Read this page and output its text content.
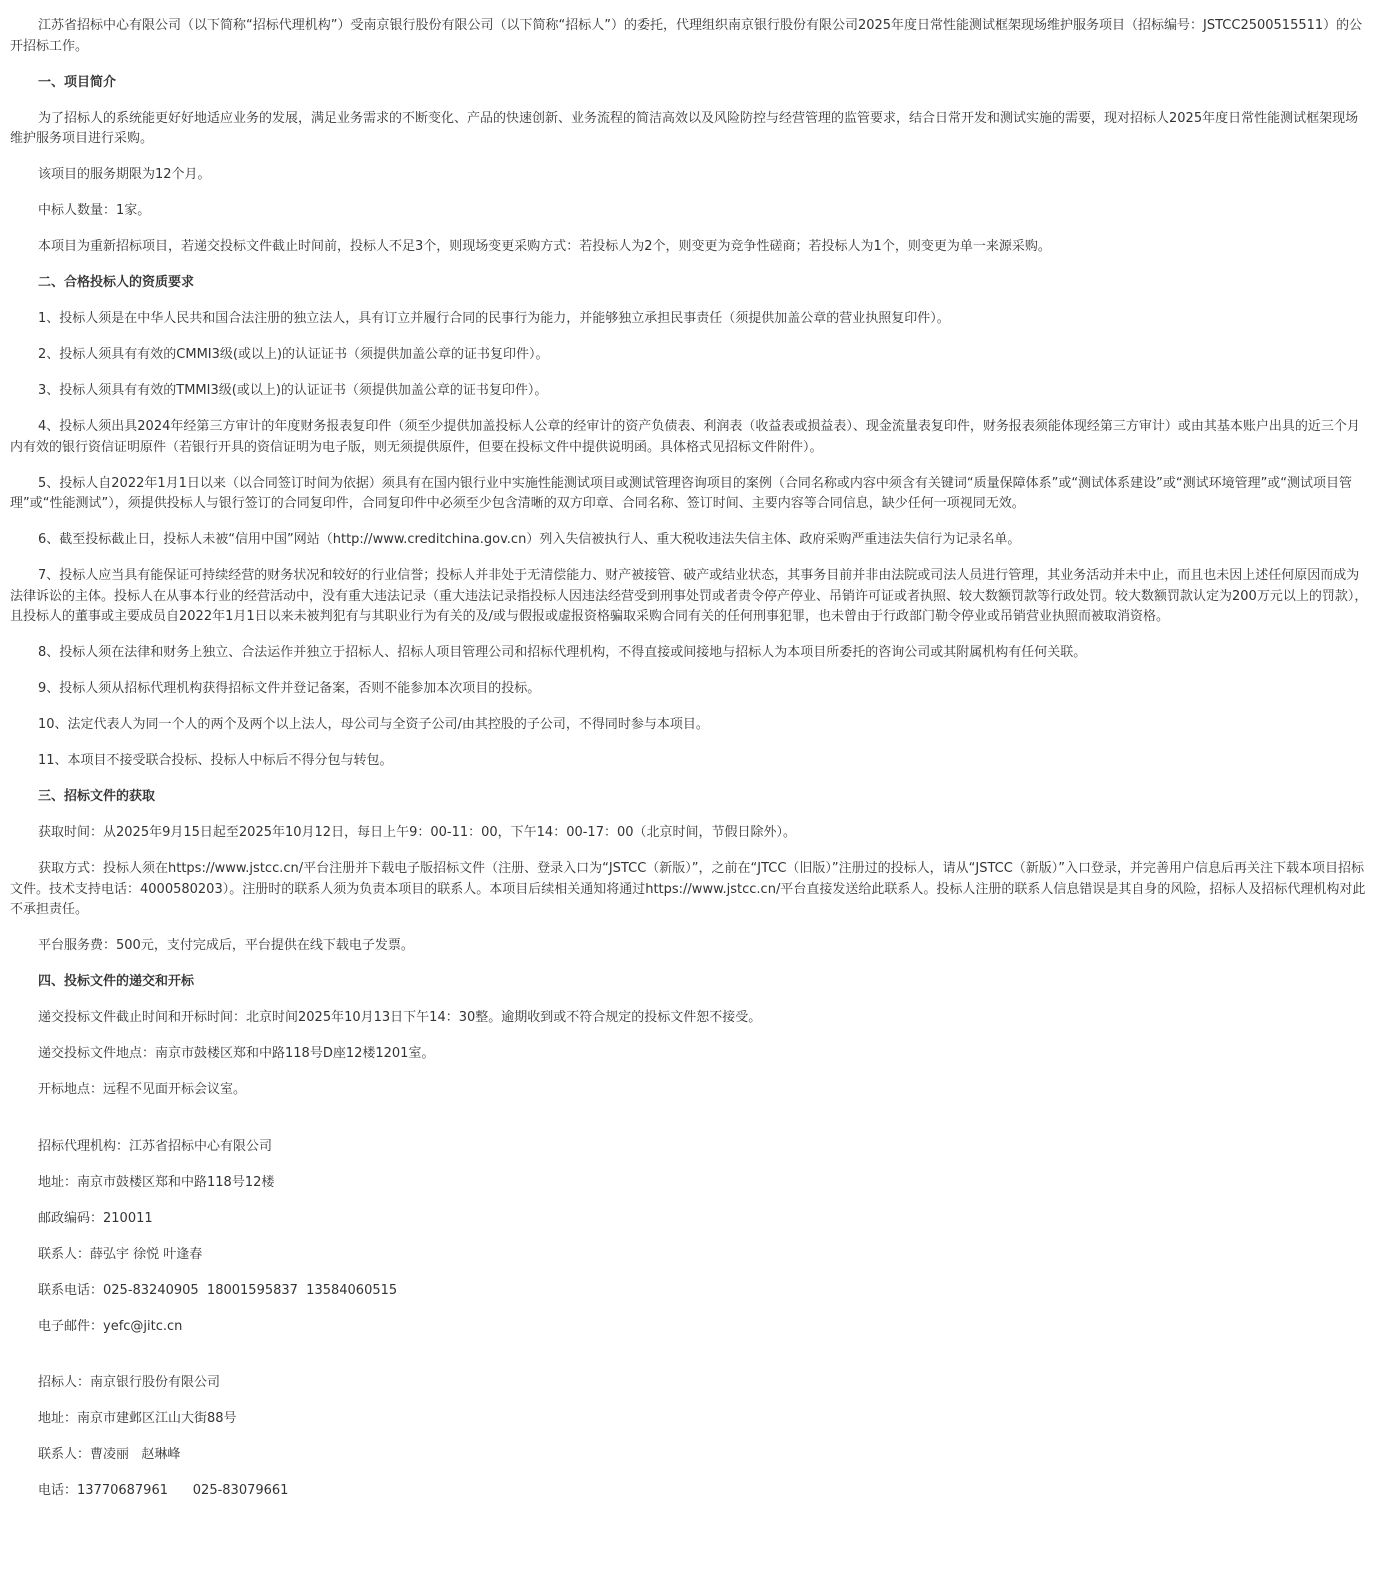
江苏省招标中心有限公司（以下简称“招标代理机构”）受南京银行股份有限公司（以下简称“招标人”）的委托，代理组织南京银行股份有限公司2025年度日常性能测试框架现场维护服务项目（招标编号：JSTCC2500515511）的公开招标工作。

一、项目简介

为了招标人的系统能更好好地适应业务的发展，满足业务需求的不断变化、产品的快速创新、业务流程的简洁高效以及风险防控与经营管理的监管要求，结合日常开发和测试实施的需要，现对招标人2025年度日常性能测试框架现场维护服务项目进行采购。

该项目的服务期限为12个月。

中标人数量：1家。

本项目为重新招标项目，若递交投标文件截止时间前，投标人不足3个，则现场变更采购方式：若投标人为2个，则变更为竞争性磋商；若投标人为1个，则变更为单一来源采购。

二、合格投标人的资质要求

1、投标人须是在中华人民共和国合法注册的独立法人，具有订立并履行合同的民事行为能力，并能够独立承担民事责任（须提供加盖公章的营业执照复印件）。

2、投标人须具有有效的CMMI3级(或以上)的认证证书（须提供加盖公章的证书复印件）。

3、投标人须具有有效的TMMI3级(或以上)的认证证书（须提供加盖公章的证书复印件）。

4、投标人须出具2024年经第三方审计的年度财务报表复印件（须至少提供加盖投标人公章的经审计的资产负债表、利润表（收益表或损益表）、现金流量表复印件，财务报表须能体现经第三方审计）或由其基本账户出具的近三个月内有效的银行资信证明原件（若银行开具的资信证明为电子版，则无须提供原件，但要在投标文件中提供说明函。具体格式见招标文件附件）。

5、投标人自2022年1月1日以来（以合同签订时间为依据）须具有在国内银行业中实施性能测试项目或测试管理咨询项目的案例（合同名称或内容中须含有关键词“质量保障体系”或“测试体系建设”或“测试环境管理”或“测试项目管理”或“性能测试”），须提供投标人与银行签订的合同复印件，合同复印件中必须至少包含清晰的双方印章、合同名称、签订时间、主要内容等合同信息，缺少任何一项视同无效。

6、截至投标截止日，投标人未被“信用中国”网站（http://www.creditchina.gov.cn）列入失信被执行人、重大税收违法失信主体、政府采购严重违法失信行为记录名单。

7、投标人应当具有能保证可持续经营的财务状况和较好的行业信誉；投标人并非处于无清偿能力、财产被接管、破产或结业状态，其事务目前并非由法院或司法人员进行管理，其业务活动并未中止，而且也未因上述任何原因而成为法律诉讼的主体。投标人在从事本行业的经营活动中，没有重大违法记录（重大违法记录指投标人因违法经营受到刑事处罚或者责令停产停业、吊销许可证或者执照、较大数额罚款等行政处罚。较大数额罚款认定为200万元以上的罚款），且投标人的董事或主要成员自2022年1月1日以来未被判犯有与其职业行为有关的及/或与假报或虚报资格骗取采购合同有关的任何刑事犯罪，也未曾由于行政部门勒令停业或吊销营业执照而被取消资格。

8、投标人须在法律和财务上独立、合法运作并独立于招标人、招标人项目管理公司和招标代理机构，不得直接或间接地与招标人为本项目所委托的咨询公司或其附属机构有任何关联。

9、投标人须从招标代理机构获得招标文件并登记备案，否则不能参加本次项目的投标。

10、法定代表人为同一个人的两个及两个以上法人，母公司与全资子公司/由其控股的子公司，不得同时参与本项目。

11、本项目不接受联合投标、投标人中标后不得分包与转包。

三、招标文件的获取

获取时间：从2025年9月15日起至2025年10月12日，每日上午9：00-11：00，下午14：00-17：00（北京时间，节假日除外）。

获取方式：投标人须在https://www.jstcc.cn/平台注册并下载电子版招标文件（注册、登录入口为“JSTCC（新版）”，之前在“JTCC（旧版）”注册过的投标人，请从“JSTCC（新版）”入口登录，并完善用户信息后再关注下载本项目招标文件。技术支持电话：4000580203）。注册时的联系人须为负责本项目的联系人。本项目后续相关通知将通过https://www.jstcc.cn/平台直接发送给此联系人。投标人注册的联系人信息错误是其自身的风险，招标人及招标代理机构对此不承担责任。

平台服务费：500元，支付完成后，平台提供在线下载电子发票。

四、投标文件的递交和开标

递交投标文件截止时间和开标时间：北京时间2025年10月13日下午14：30整。逾期收到或不符合规定的投标文件恕不接受。

递交投标文件地点：南京市鼓楼区郑和中路118号D座12楼1201室。

开标地点：远程不见面开标会议室。

招标代理机构：江苏省招标中心有限公司

地址：南京市鼓楼区郑和中路118号12楼

邮政编码：210011

联系人：薛弘宇 徐悦 叶逢春

联系电话：025-83240905  18001595837  13584060515

电子邮件：yefc@jitc.cn

招标人：南京银行股份有限公司

地址：南京市建邺区江山大街88号

联系人：曹凌丽   赵琳峰

电话：13770687961      025-83079661
